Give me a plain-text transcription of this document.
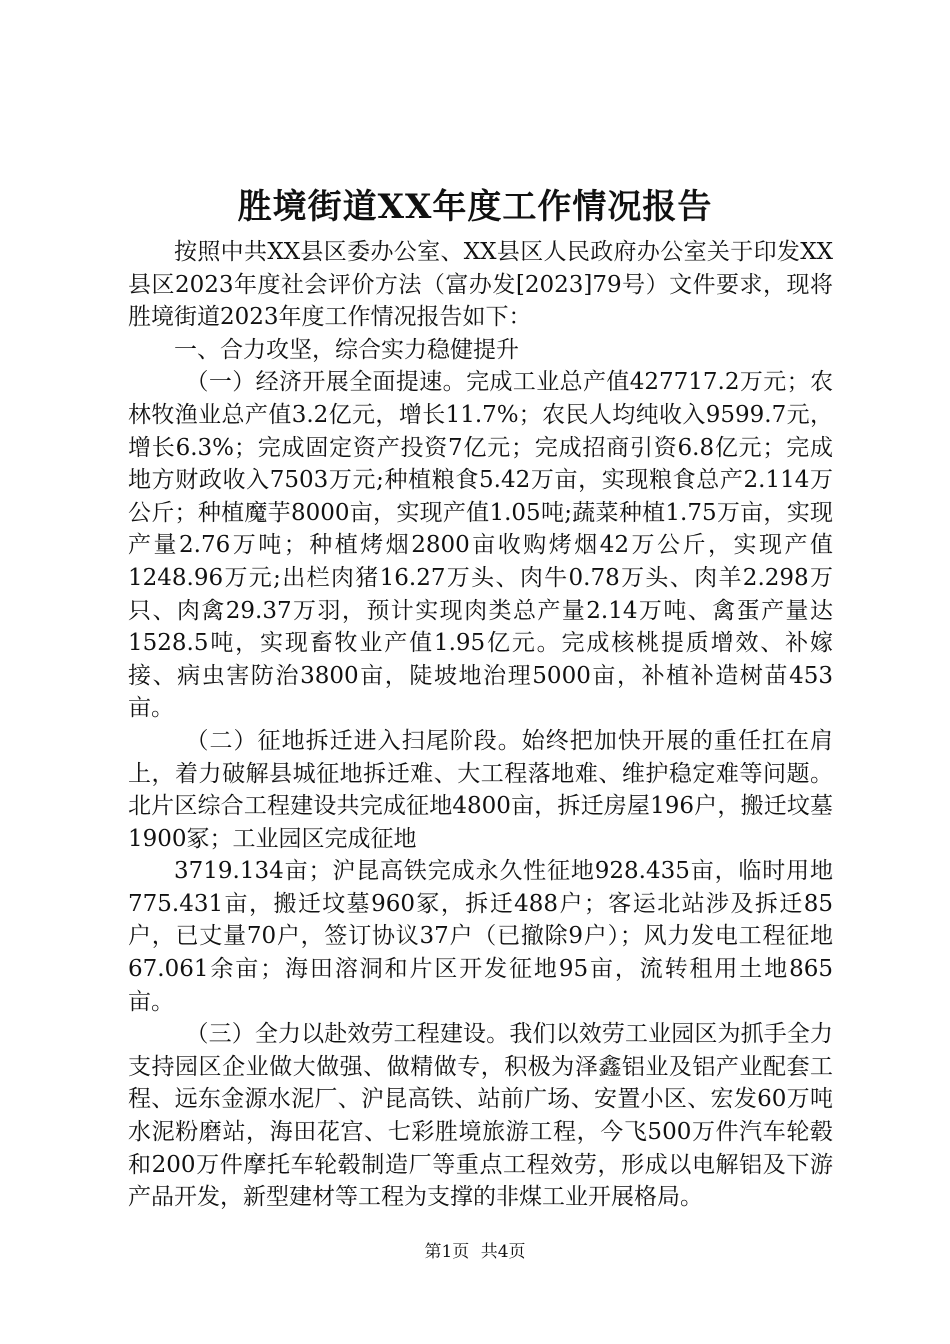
胜境街道XX年度工作情况报告

按照中共XX县区委办公室、XX县区人民政府办公室关于印发XX县区2023年度社会评价方法（富办发[2023]79号）文件要求，现将胜境街道2023年度工作情况报告如下：

一、合力攻坚，综合实力稳健提升

（一）经济开展全面提速。完成工业总产值427717.2万元；农林牧渔业总产值3.2亿元，增长11.7%；农民人均纯收入9599.7元，增长6.3%；完成固定资产投资7亿元；完成招商引资6.8亿元；完成地方财政收入7503万元;种植粮食5.42万亩，实现粮食总产2.114万公斤；种植魔芋8000亩，实现产值1.05吨;蔬菜种植1.75万亩，实现产量2.76万吨；种植烤烟2800亩收购烤烟42万公斤，实现产值1248.96万元;出栏肉猪16.27万头、肉牛0.78万头、肉羊2.298万只、肉禽29.37万羽，预计实现肉类总产量2.14万吨、禽蛋产量达1528.5吨，实现畜牧业产值1.95亿元。完成核桃提质增效、补嫁接、病虫害防治3800亩，陡坡地治理5000亩，补植补造树苗453亩。

（二）征地拆迁进入扫尾阶段。始终把加快开展的重任扛在肩上，着力破解县城征地拆迁难、大工程落地难、维护稳定难等问题。北片区综合工程建设共完成征地4800亩，拆迁房屋196户，搬迁坟墓1900冢；工业园区完成征地

3719.134亩；沪昆高铁完成永久性征地928.435亩，临时用地775.431亩，搬迁坟墓960冢，拆迁488户；客运北站涉及拆迁85户，已丈量70户，签订协议37户（已撤除9户）；风力发电工程征地67.061余亩；海田溶洞和片区开发征地95亩，流转租用土地865亩。

（三）全力以赴效劳工程建设。我们以效劳工业园区为抓手全力支持园区企业做大做强、做精做专，积极为泽鑫铝业及铝产业配套工程、远东金源水泥厂、沪昆高铁、站前广场、安置小区、宏发60万吨水泥粉磨站，海田花宫、七彩胜境旅游工程，今飞500万件汽车轮毂和200万件摩托车轮毂制造厂等重点工程效劳，形成以电解铝及下游产品开发，新型建材等工程为支撑的非煤工业开展格局。

第1页 共4页
